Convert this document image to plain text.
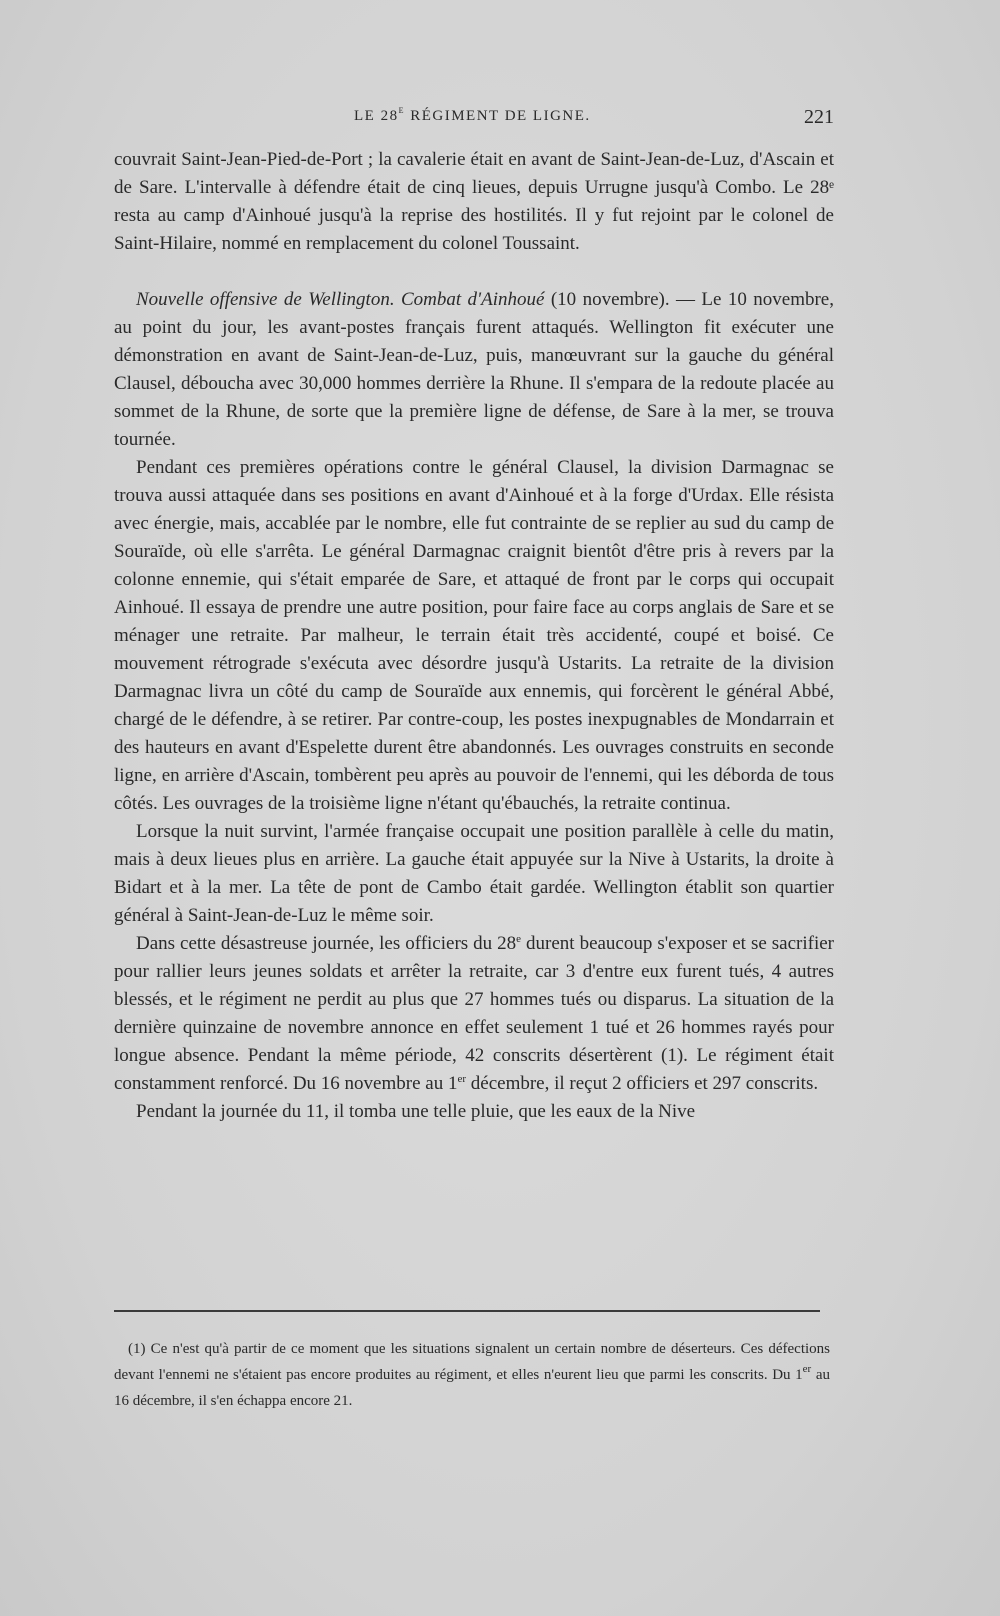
LE 28e RÉGIMENT DE LIGNE.	221

couvrait Saint-Jean-Pied-de-Port ; la cavalerie était en avant de Saint-Jean-de-Luz, d'Ascain et de Sare. L'intervalle à défendre était de cinq lieues, depuis Urrugne jusqu'à Combo. Le 28ᵉ resta au camp d'Ainhoué jusqu'à la reprise des hostilités. Il y fut rejoint par le colonel de Saint-Hilaire, nommé en remplacement du colonel Toussaint.

Nouvelle offensive de Wellington. Combat d'Ainhoué (10 novembre). — Le 10 novembre, au point du jour, les avant-postes français furent attaqués. Wellington fit exécuter une démonstration en avant de Saint-Jean-de-Luz, puis, manœuvrant sur la gauche du général Clausel, déboucha avec 30,000 hommes derrière la Rhune. Il s'empara de la redoute placée au sommet de la Rhune, de sorte que la première ligne de défense, de Sare à la mer, se trouva tournée.

Pendant ces premières opérations contre le général Clausel, la division Darmagnac se trouva aussi attaquée dans ses positions en avant d'Ainhoué et à la forge d'Urdax. Elle résista avec énergie, mais, accablée par le nombre, elle fut contrainte de se replier au sud du camp de Souraïde, où elle s'arrêta. Le général Darmagnac craignit bientôt d'être pris à revers par la colonne ennemie, qui s'était emparée de Sare, et attaqué de front par le corps qui occupait Ainhoué. Il essaya de prendre une autre position, pour faire face au corps anglais de Sare et se ménager une retraite. Par malheur, le terrain était très accidenté, coupé et boisé. Ce mouvement rétrograde s'exécuta avec désordre jusqu'à Ustarits. La retraite de la division Darmagnac livra un côté du camp de Souraïde aux ennemis, qui forcèrent le général Abbé, chargé de le défendre, à se retirer. Par contre-coup, les postes inexpugnables de Mondarrain et des hauteurs en avant d'Espelette durent être abandonnés. Les ouvrages construits en seconde ligne, en arrière d'Ascain, tombèrent peu après au pouvoir de l'ennemi, qui les déborda de tous côtés. Les ouvrages de la troisième ligne n'étant qu'ébauchés, la retraite continua.

Lorsque la nuit survint, l'armée française occupait une position parallèle à celle du matin, mais à deux lieues plus en arrière. La gauche était appuyée sur la Nive à Ustarits, la droite à Bidart et à la mer. La tête de pont de Cambo était gardée. Wellington établit son quartier général à Saint-Jean-de-Luz le même soir.

Dans cette désastreuse journée, les officiers du 28e durent beaucoup s'exposer et se sacrifier pour rallier leurs jeunes soldats et arrêter la retraite, car 3 d'entre eux furent tués, 4 autres blessés, et le régiment ne perdit au plus que 27 hommes tués ou disparus. La situation de la dernière quinzaine de novembre annonce en effet seulement 1 tué et 26 hommes rayés pour longue absence. Pendant la même période, 42 conscrits désertèrent (1). Le régiment était constamment renforcé. Du 16 novembre au 1er décembre, il reçut 2 officiers et 297 conscrits.

Pendant la journée du 11, il tomba une telle pluie, que les eaux de la Nive

(1) Ce n'est qu'à partir de ce moment que les situations signalent un certain nombre de déserteurs. Ces défections devant l'ennemi ne s'étaient pas encore produites au régiment, et elles n'eurent lieu que parmi les conscrits. Du 1er au 16 décembre, il s'en échappa encore 21.
